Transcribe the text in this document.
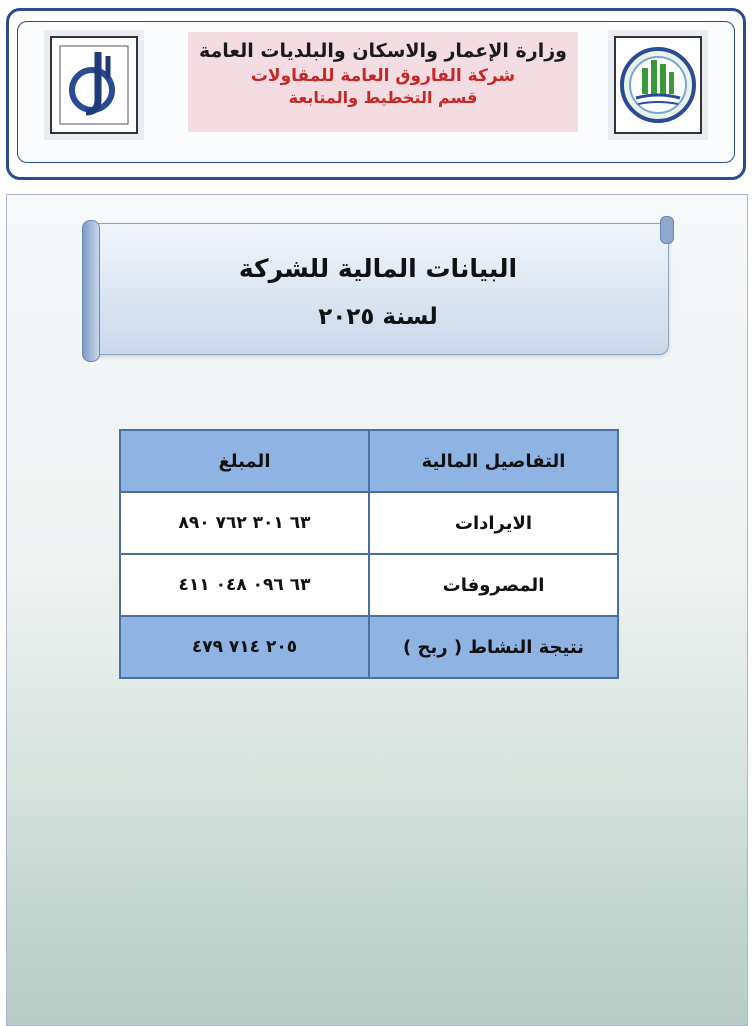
وزارة الإعمار والاسكان والبلديات العامة
شركة الفاروق العامة للمقاولات
قسم التخطيط والمتابعة
البيانات المالية للشركة
لسنة ٢٠٢٥
التفاصيل المالية	المبلغ
الايرادات	٦٣ ٣٠١ ٧٦٢ ٨٩٠
المصروفات	٦٣ ٠٩٦ ٠٤٨ ٤١١
نتيجة النشاط ( ربح )	٢٠٥ ٧١٤ ٤٧٩
